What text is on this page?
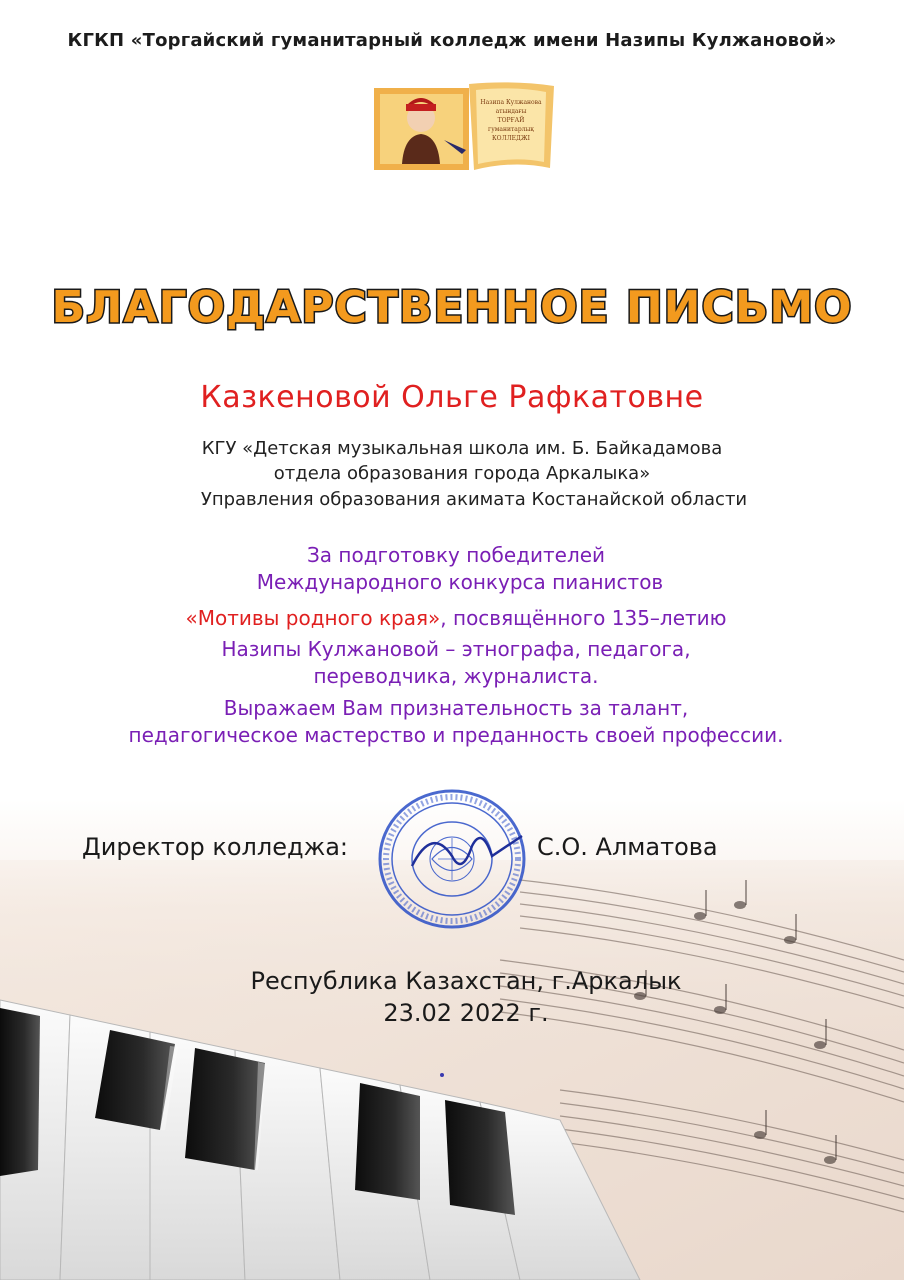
КГКП «Торгайский гуманитарный колледж имени Назипы Кулжановой»
Назипа Кулжанова
атындағы
ТОРҒАЙ
гуманитарлық
КОЛЛЕДЖІ
БЛАГОДАРСТВЕННОЕ ПИСЬМО
Казкеновой Ольге Рафкатовне
КГУ «Детская музыкальная школа им. Б. Байкадамова
отдела образования города Аркалыка»
Управления образования акимата Костанайской области
За подготовку победителей
Международного конкурса пианистов
«Мотивы родного края», посвящённого 135–летию
Назипы Кулжановой – этнографа, педагога,
переводчика, журналиста.
Выражаем Вам признательность за талант,
педагогическое мастерство и преданность своей профессии.
Директор колледжа:	С.О. Алматова
Республика Казахстан, г.Аркалык
23.02 2022 г.
